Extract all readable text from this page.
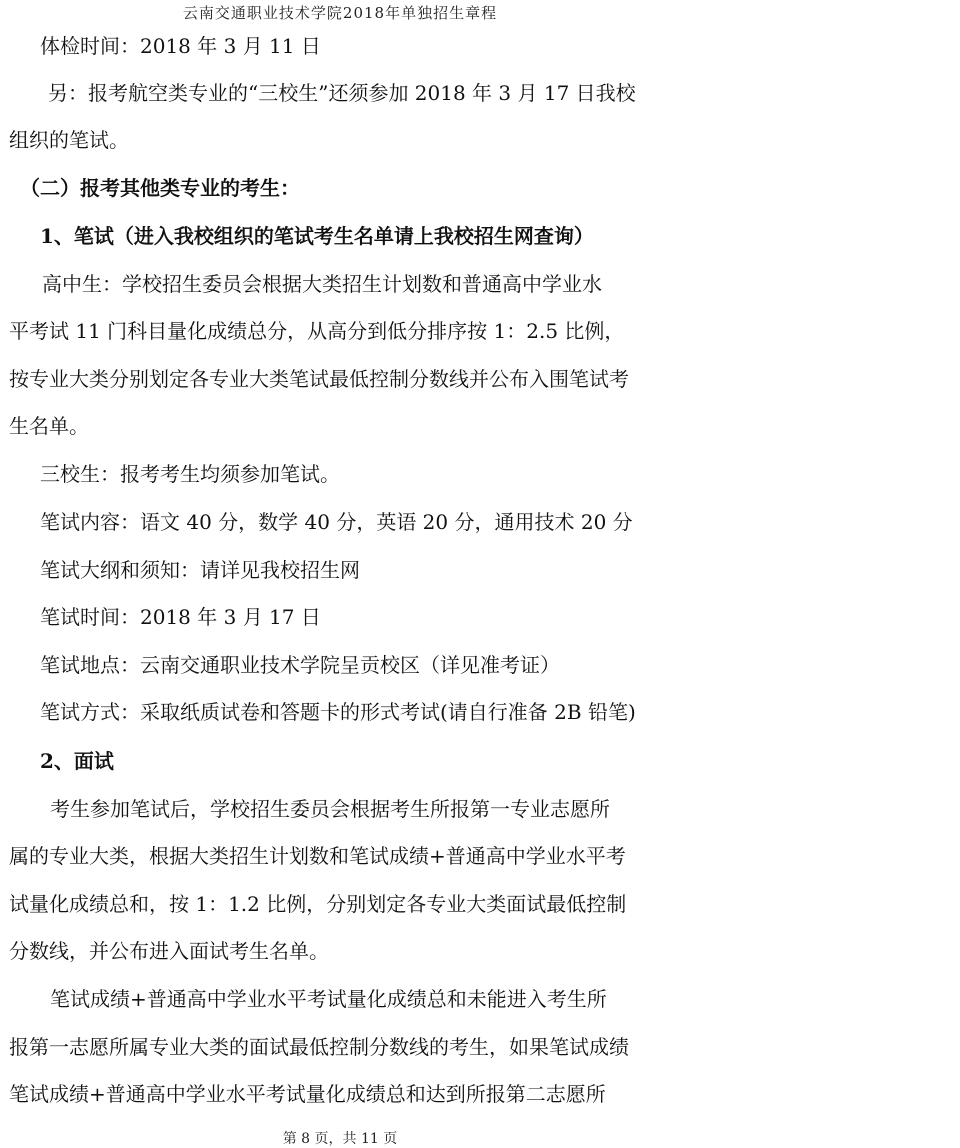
云南交通职业技术学院2018年单独招生章程
体检时间：2018 年 3 月 11 日
另：报考航空类专业的“三校生”还须参加 2018 年 3 月 17 日我校
组织的笔试。
（二）报考其他类专业的考生：
1、笔试（进入我校组织的笔试考生名单请上我校招生网查询）
高中生：学校招生委员会根据大类招生计划数和普通高中学业水
平考试 11 门科目量化成绩总分，从高分到低分排序按 1：2.5 比例，
按专业大类分别划定各专业大类笔试最低控制分数线并公布入围笔试考
生名单。
三校生：报考考生均须参加笔试。
笔试内容：语文 40 分，数学 40 分，英语 20 分，通用技术 20 分
笔试大纲和须知：请详见我校招生网
笔试时间：2018 年 3 月 17 日
笔试地点：云南交通职业技术学院呈贡校区（详见准考证）
笔试方式：采取纸质试卷和答题卡的形式考试(请自行准备 2B 铅笔)
2、面试
考生参加笔试后，学校招生委员会根据考生所报第一专业志愿所
属的专业大类，根据大类招生计划数和笔试成绩+普通高中学业水平考
试量化成绩总和，按 1：1.2 比例，分别划定各专业大类面试最低控制
分数线，并公布进入面试考生名单。
笔试成绩+普通高中学业水平考试量化成绩总和未能进入考生所
报第一志愿所属专业大类的面试最低控制分数线的考生，如果笔试成绩
笔试成绩+普通高中学业水平考试量化成绩总和达到所报第二志愿所
第 8 页，共 11 页
